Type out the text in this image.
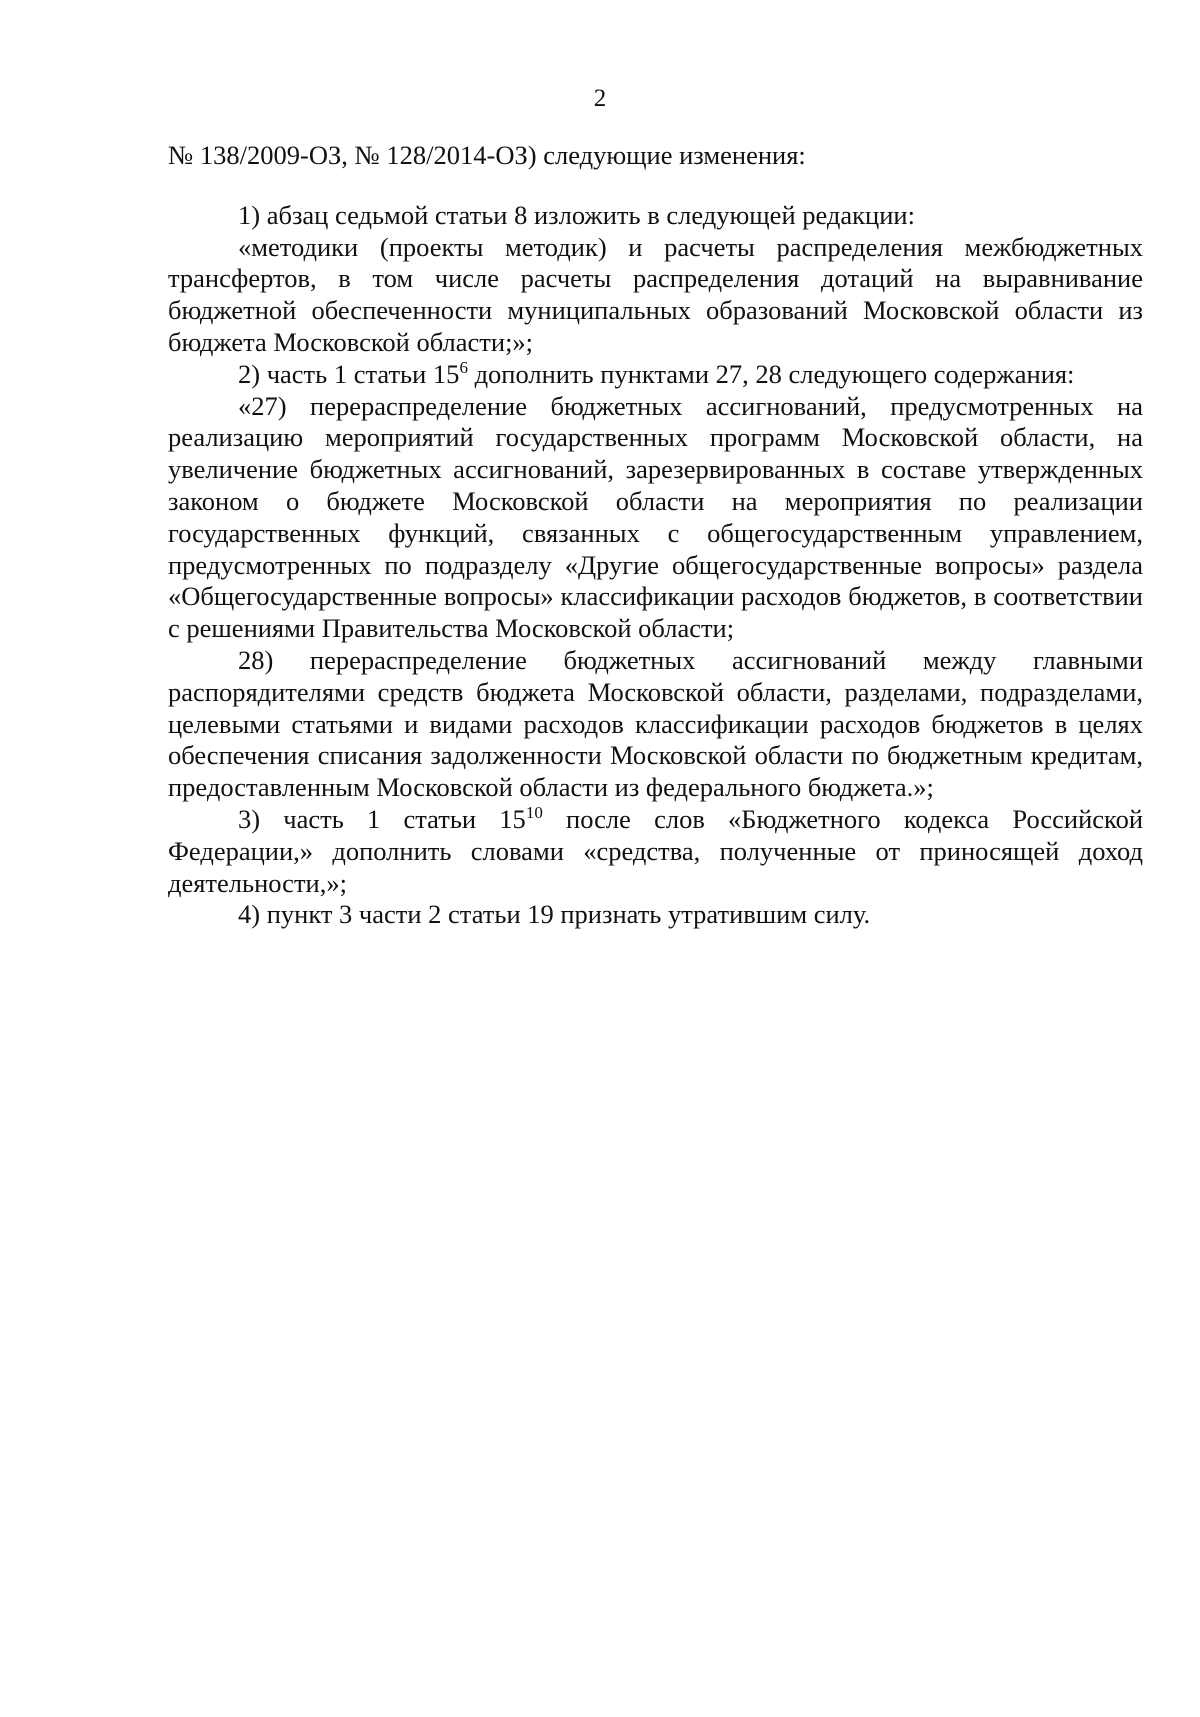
2

№ 138/2009-ОЗ, № 128/2014-ОЗ) следующие изменения:

1) абзац седьмой статьи 8 изложить в следующей редакции:

«методики (проекты методик) и расчеты распределения межбюджетных трансфертов, в том числе расчеты распределения дотаций на выравнивание бюджетной обеспеченности муниципальных образований Московской области из бюджета Московской области;»;

2) часть 1 статьи $15^6$ дополнить пунктами 27, 28 следующего содержания:

«27) перераспределение бюджетных ассигнований, предусмотренных на реализацию мероприятий государственных программ Московской области, на увеличение бюджетных ассигнований, зарезервированных в составе утвержденных законом о бюджете Московской области на мероприятия по реализации государственных функций, связанных с общегосударственным управлением, предусмотренных по подразделу «Другие общегосударственные вопросы» раздела «Общегосударственные вопросы» классификации расходов бюджетов, в соответствии с решениями Правительства Московской области;

28) перераспределение бюджетных ассигнований между главными распорядителями средств бюджета Московской области, разделами, подразделами, целевыми статьями и видами расходов классификации расходов бюджетов в целях обеспечения списания задолженности Московской области по бюджетным кредитам, предоставленным Московской области из федерального бюджета.»;

3) часть 1 статьи $15^{10}$ после слов «Бюджетного кодекса Российской Федерации,» дополнить словами «средства, полученные от приносящей доход деятельности,»;

4) пункт 3 части 2 статьи 19 признать утратившим силу.
